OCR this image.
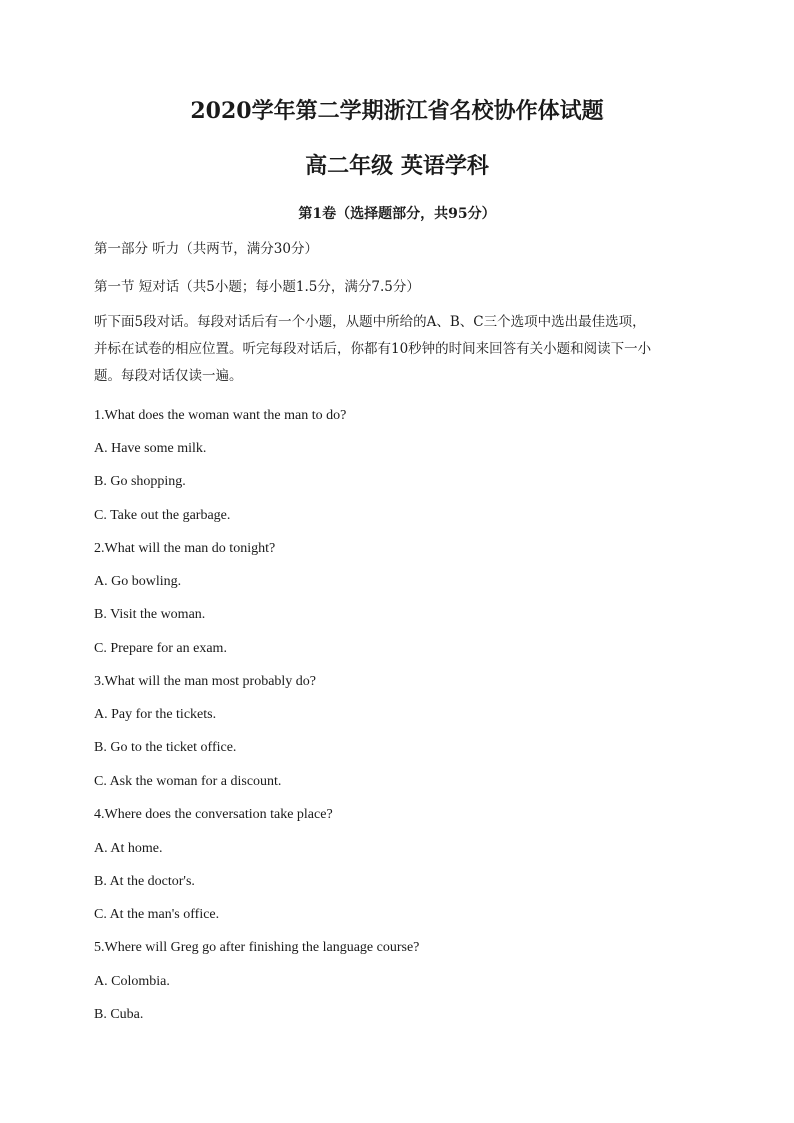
2020学年第二学期浙江省名校协作体试题
高二年级 英语学科
第1卷（选择题部分，共95分）
第一部分 听力（共两节，满分30分）
第一节 短对话（共5小题；每小题1.5分，满分7.5分）
听下面5段对话。每段对话后有一个小题，从题中所给的A、B、C三个选项中选出最佳选项，
并标在试卷的相应位置。听完每段对话后，你都有10秒钟的时间来回答有关小题和阅读下一小
题。每段对话仅读一遍。
1.What does the woman want the man to do?
A. Have some milk.
B. Go shopping.
C. Take out the garbage.
2.What will the man do tonight?
A. Go bowling.
B. Visit the woman.
C. Prepare for an exam.
3.What will the man most probably do?
A. Pay for the tickets.
B. Go to the ticket office.
C. Ask the woman for a discount.
4.Where does the conversation take place?
A. At home.
B. At the doctor's.
C. At the man's office.
5.Where will Greg go after finishing the language course?
A. Colombia.
B. Cuba.
